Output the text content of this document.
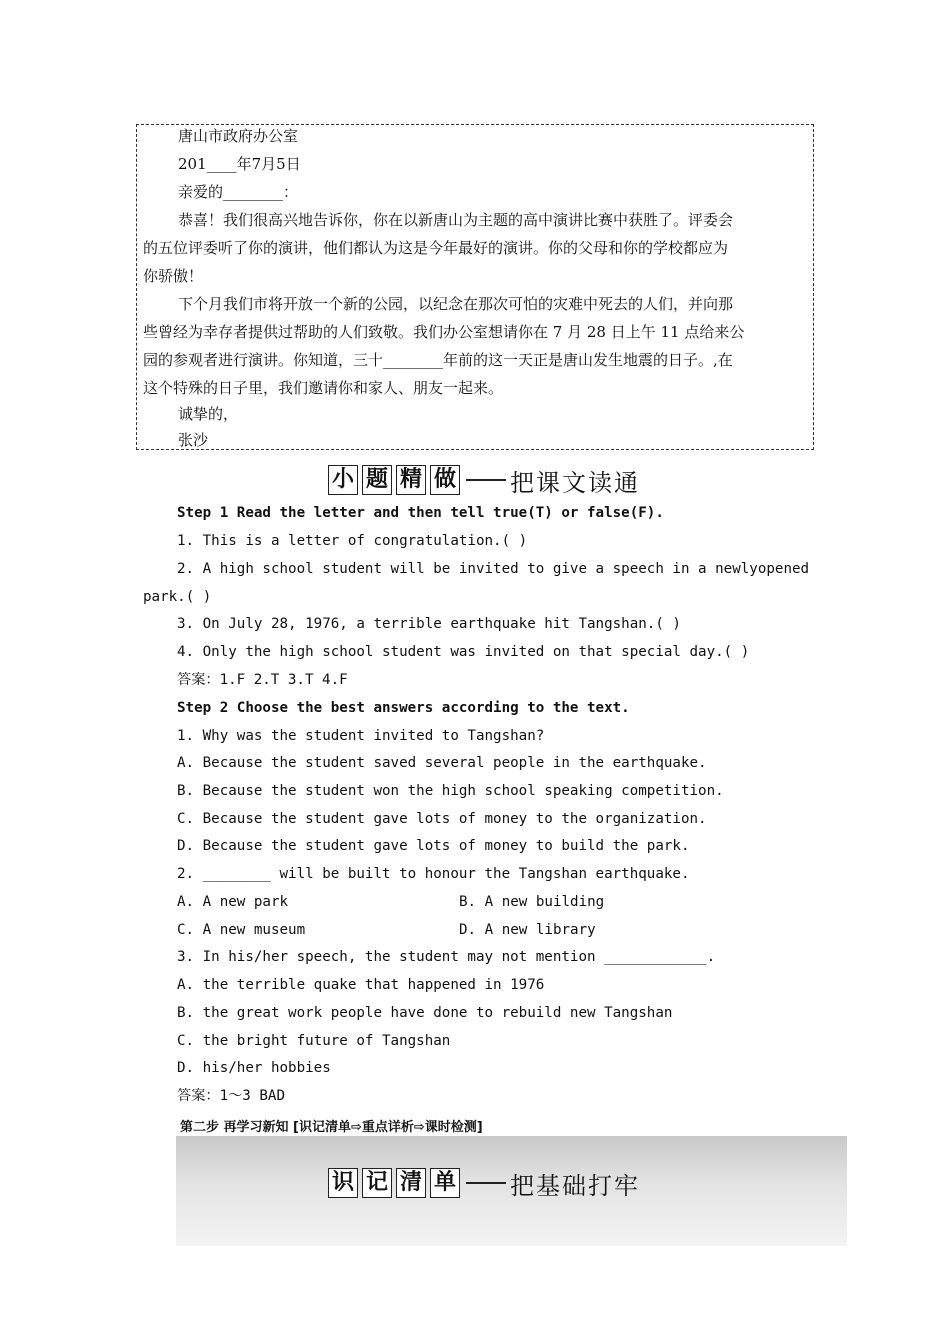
唐山市政府办公室
201____年7月5日
亲爱的________：
恭喜！我们很高兴地告诉你，你在以新唐山为主题的高中演讲比赛中获胜了。评委会
的五位评委听了你的演讲，他们都认为这是今年最好的演讲。你的父母和你的学校都应为
你骄傲！
下个月我们市将开放一个新的公园，以纪念在那次可怕的灾难中死去的人们，并向那
些曾经为幸存者提供过帮助的人们致敬。我们办公室想请你在 7 月 28 日上午 11 点给来公
园的参观者进行演讲。你知道，三十________年前的这一天正是唐山发生地震的日子。,在
这个特殊的日子里，我们邀请你和家人、朋友一起来。
诚挚的，
张沙
小 题 精 做 把课文读通
Step 1 Read the letter and then tell true(T) or false(F).
1. This is a letter of congratulation.( )
2. A high school student will be invited to give a speech in a newlyopened
park.( )
3. On July 28, 1976, a terrible earthquake hit Tangshan.( )
4. Only the high school student was invited on that special day.( )
答案：1.F 2.T 3.T 4.F
Step 2 Choose the best answers according to the text.
1. Why was the student invited to Tangshan?
A. Because the student saved several people in the earthquake.
B. Because the student won the high school speaking competition.
C. Because the student gave lots of money to the organization.
D. Because the student gave lots of money to build the park.
2. ________ will be built to honour the Tangshan earthquake.
A. A new park	B. A new building
C. A new museum	D. A new library
3. In his/her speech, the student may not mention ____________.
A. the terrible quake that happened in 1976
B. the great work people have done to rebuild new Tangshan
C. the bright future of Tangshan
D. his/her hobbies
答案：1～3 BAD
第二步 再学习新知 [识记清单⇨重点详析⇨课时检测]
识 记 清 单 把基础打牢
